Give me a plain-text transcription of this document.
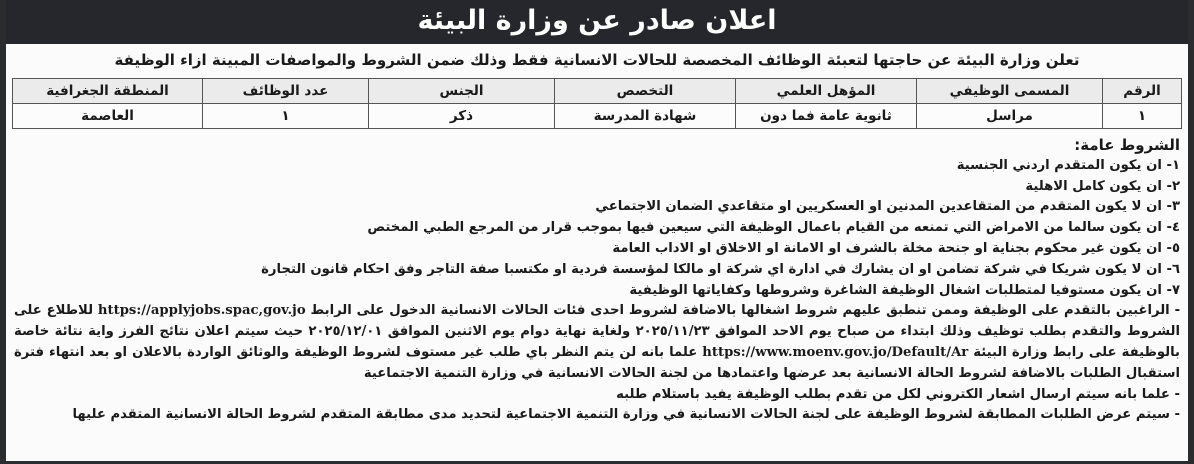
اعلان صادر عن وزارة البيئة
تعلن وزارة البيئة عن حاجتها لتعبئة الوظائف المخصصة للحالات الانسانية فقط وذلك ضمن الشروط والمواصفات المبينة ازاء الوظيفة
الرقم	المسمى الوظيفي	المؤهل العلمي	التخصص	الجنس	عدد الوظائف	المنطقة الجغرافية
١	مراسل	ثانوية عامة فما دون	شهادة المدرسة	ذكر	١	العاصمة
الشروط عامة:
١- ان يكون المتقدم اردني الجنسية
٢- ان يكون كامل الاهلية
٣- ان لا يكون المتقدم من المتقاعدين المدنين او العسكريين او متقاعدي الضمان الاجتماعي
٤- ان يكون سالما من الامراض التي تمنعه من القيام باعمال الوظيفة التي سيعين فيها بموجب قرار من المرجع الطبي المختص
٥- ان يكون غير محكوم بجناية او جنحة مخلة بالشرف او الامانة او الاخلاق او الاداب العامة
٦- ان لا يكون شريكا في شركة تضامن او ان يشارك في ادارة اي شركة او مالكا لمؤسسة فردية او مكتسبا صفة التاجر وفق احكام قانون التجارة
٧- ان يكون مستوفيا لمتطلبات اشغال الوظيفة الشاغرة وشروطها وكفاياتها الوظيفية
- الراغبين بالتقدم على الوظيفة وممن تنطبق عليهم شروط اشغالها بالاضافة لشروط احدى فئات الحالات الانسانية الدخول على الرابط https://applyjobs.spac,gov.jo للاطلاع على الشروط والتقدم بطلب توظيف وذلك ابتداء من صباح يوم الاحد الموافق ٢٠٢٥/١١/٢٣ ولغاية نهاية دوام يوم الاثنين الموافق ٢٠٢٥/١٢/٠١ حيث سيتم اعلان نتائج الفرز واية نتائة خاصة بالوظيفة على رابط وزارة البيئة https://www.moenv.gov.jo/Default/Ar علما بانه لن يتم النظر باي طلب غير مستوف لشروط الوظيفة والوثائق الواردة بالاعلان او بعد انتهاء فترة استقبال الطلبات بالاضافة لشروط الحالة الانسانية بعد عرضها واعتمادها من لجنة الحالات الانسانية في وزارة التنمية الاجتماعية
- علما بانه سيتم ارسال اشعار الكتروني لكل من تقدم بطلب الوظيفة يفيد باستلام طلبه
- سيتم عرض الطلبات المطابقة لشروط الوظيفة على لجنة الحالات الانسانية في وزارة التنمية الاجتماعية لتحديد مدى مطابقة المتقدم لشروط الحالة الانسانية المتقدم عليها
